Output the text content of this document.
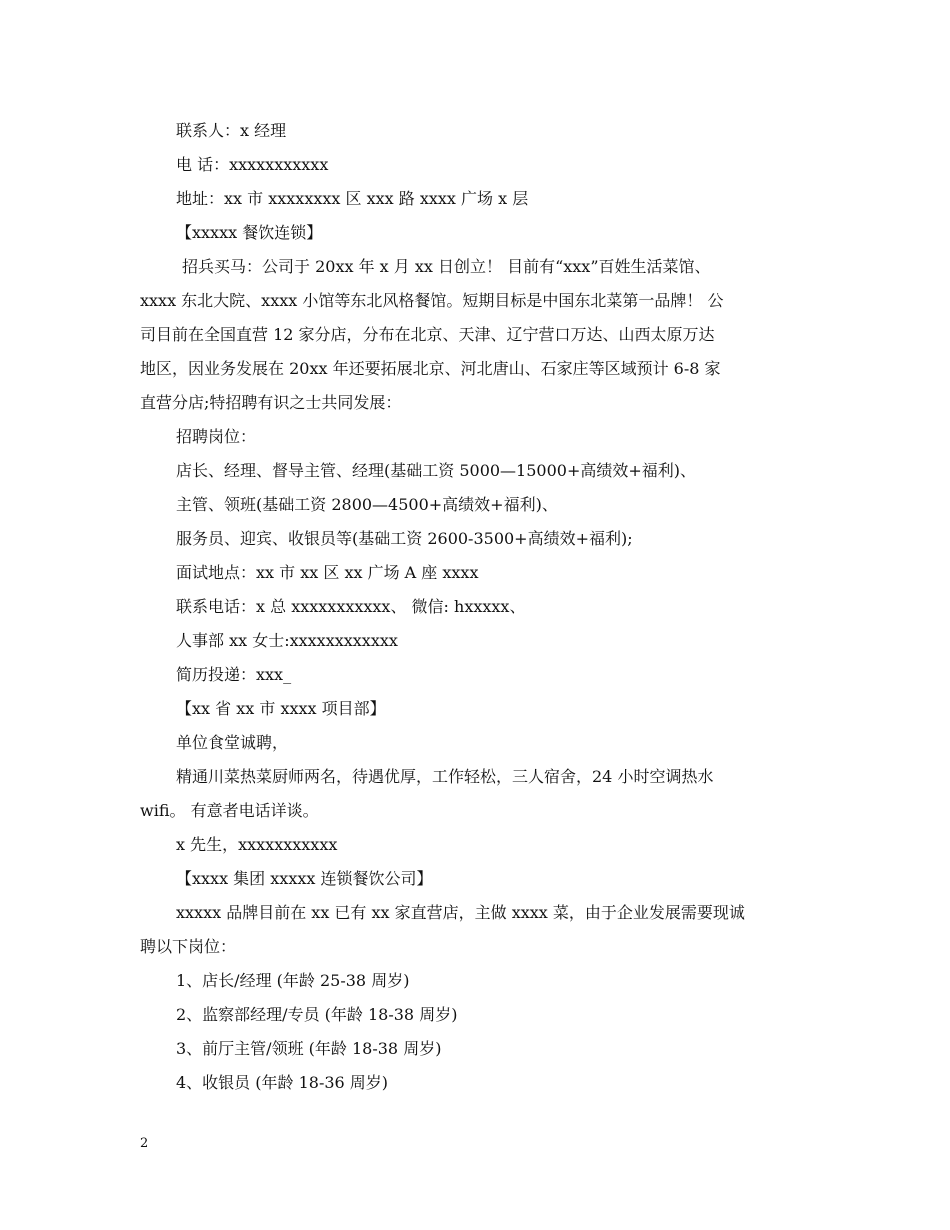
联系人：x 经理
电 话：xxxxxxxxxxx
地址：xx 市 xxxxxxxx 区 xxx 路 xxxx 广场 x 层
【xxxxx 餐饮连锁】
招兵买马：公司于 20xx 年 x 月 xx 日创立！ 目前有“xxx”百姓生活菜馆、
xxxx 东北大院、xxxx 小馆等东北风格餐馆。短期目标是中国东北菜第一品牌！ 公
司目前在全国直营 12 家分店，分布在北京、天津、辽宁营口万达、山西太原万达
地区，因业务发展在 20xx 年还要拓展北京、河北唐山、石家庄等区域预计 6-8 家
直营分店;特招聘有识之士共同发展：
招聘岗位：
店长、经理、督导主管、经理(基础工资 5000—15000+高绩效+福利)、
主管、领班(基础工资 2800—4500+高绩效+福利)、
服务员、迎宾、收银员等(基础工资 2600-3500+高绩效+福利);
面试地点：xx 市 xx 区 xx 广场 A 座 xxxx
联系电话：x 总 xxxxxxxxxxx、 微信: hxxxxx、
人事部 xx 女士:xxxxxxxxxxxx
简历投递：xxx_
【xx 省 xx 市 xxxx 项目部】
单位食堂诚聘，
精通川菜热菜厨师两名，待遇优厚，工作轻松，三人宿舍，24 小时空调热水
wifi。 有意者电话详谈。
x 先生，xxxxxxxxxxx
【xxxx 集团 xxxxx 连锁餐饮公司】
xxxxx 品牌目前在 xx 已有 xx 家直营店，主做 xxxx 菜，由于企业发展需要现诚
聘以下岗位：
1、店长/经理 (年龄 25-38 周岁)
2、监察部经理/专员 (年龄 18-38 周岁)
3、前厅主管/领班 (年龄 18-38 周岁)
4、收银员 (年龄 18-36 周岁)
2
